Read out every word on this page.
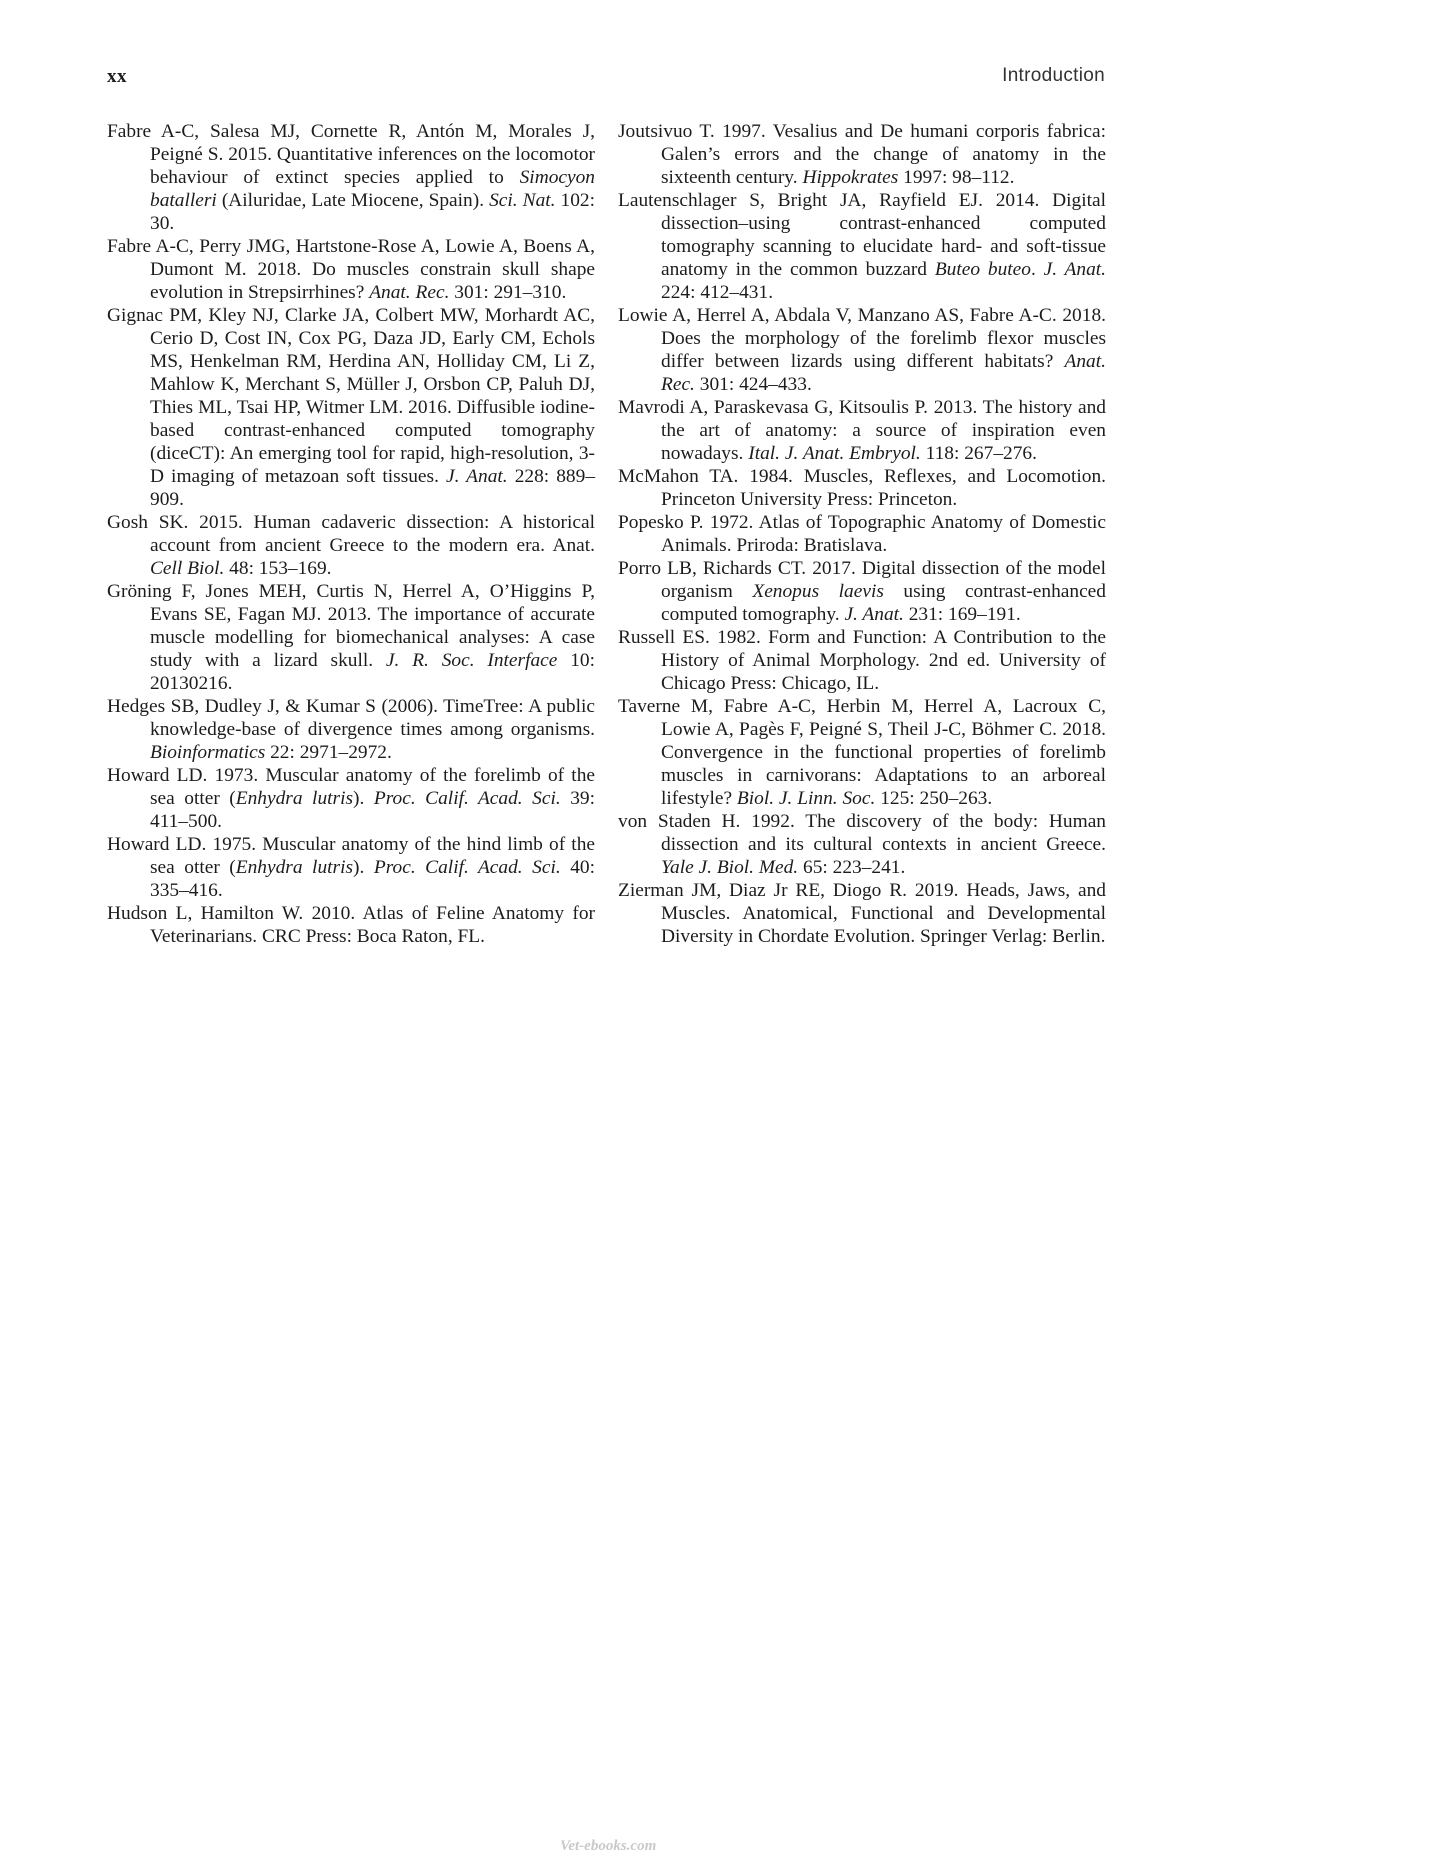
xx	Introduction

Fabre A-C, Salesa MJ, Cornette R, Antón M, Morales J, Peigné S. 2015. Quantitative inferences on the locomotor behaviour of extinct species applied to Simocyon batalleri (Ailuridae, Late Miocene, Spain). Sci. Nat. 102: 30.

Fabre A-C, Perry JMG, Hartstone-Rose A, Lowie A, Boens A, Dumont M. 2018. Do muscles constrain skull shape evolution in Strepsirrhines? Anat. Rec. 301: 291–310.

Gignac PM, Kley NJ, Clarke JA, Colbert MW, Morhardt AC, Cerio D, Cost IN, Cox PG, Daza JD, Early CM, Echols MS, Henkelman RM, Herdina AN, Holliday CM, Li Z, Mahlow K, Merchant S, Müller J, Orsbon CP, Paluh DJ, Thies ML, Tsai HP, Witmer LM. 2016. Diffusible iodine-based contrast-enhanced computed tomography (diceCT): An emerging tool for rapid, high-resolution, 3-D imaging of metazoan soft tissues. J. Anat. 228: 889–909.

Gosh SK. 2015. Human cadaveric dissection: A historical account from ancient Greece to the modern era. Anat. Cell Biol. 48: 153–169.

Gröning F, Jones MEH, Curtis N, Herrel A, O’Higgins P, Evans SE, Fagan MJ. 2013. The importance of accurate muscle modelling for biomechanical analyses: A case study with a lizard skull. J. R. Soc. Interface 10: 20130216.

Hedges SB, Dudley J, & Kumar S (2006). TimeTree: A public knowledge-base of divergence times among organisms. Bioinformatics 22: 2971–2972.

Howard LD. 1973. Muscular anatomy of the forelimb of the sea otter (Enhydra lutris). Proc. Calif. Acad. Sci. 39: 411–500.

Howard LD. 1975. Muscular anatomy of the hind limb of the sea otter (Enhydra lutris). Proc. Calif. Acad. Sci. 40: 335–416.

Hudson L, Hamilton W. 2010. Atlas of Feline Anatomy for Veterinarians. CRC Press: Boca Raton, FL.

Joutsivuo T. 1997. Vesalius and De humani corporis fabrica: Galen’s errors and the change of anatomy in the sixteenth century. Hippokrates 1997: 98–112.

Lautenschlager S, Bright JA, Rayfield EJ. 2014. Digital dissection–using contrast-enhanced computed tomography scanning to elucidate hard- and soft-tissue anatomy in the common buzzard Buteo buteo. J. Anat. 224: 412–431.

Lowie A, Herrel A, Abdala V, Manzano AS, Fabre A-C. 2018. Does the morphology of the forelimb flexor muscles differ between lizards using different habitats? Anat. Rec. 301: 424–433.

Mavrodi A, Paraskevasa G, Kitsoulis P. 2013. The history and the art of anatomy: a source of inspiration even nowadays. Ital. J. Anat. Embryol. 118: 267–276.

McMahon TA. 1984. Muscles, Reflexes, and Locomotion. Princeton University Press: Princeton.

Popesko P. 1972. Atlas of Topographic Anatomy of Domestic Animals. Priroda: Bratislava.

Porro LB, Richards CT. 2017. Digital dissection of the model organism Xenopus laevis using contrast-enhanced computed tomography. J. Anat. 231: 169–191.

Russell ES. 1982. Form and Function: A Contribution to the History of Animal Morphology. 2nd ed. University of Chicago Press: Chicago, IL.

Taverne M, Fabre A-C, Herbin M, Herrel A, Lacroux C, Lowie A, Pagès F, Peigné S, Theil J-C, Böhmer C. 2018. Convergence in the functional properties of forelimb muscles in carnivorans: Adaptations to an arboreal lifestyle? Biol. J. Linn. Soc. 125: 250–263.

von Staden H. 1992. The discovery of the body: Human dissection and its cultural contexts in ancient Greece. Yale J. Biol. Med. 65: 223–241.

Zierman JM, Diaz Jr RE, Diogo R. 2019. Heads, Jaws, and Muscles. Anatomical, Functional and Developmental Diversity in Chordate Evolution. Springer Verlag: Berlin.

Vet-ebooks.com
